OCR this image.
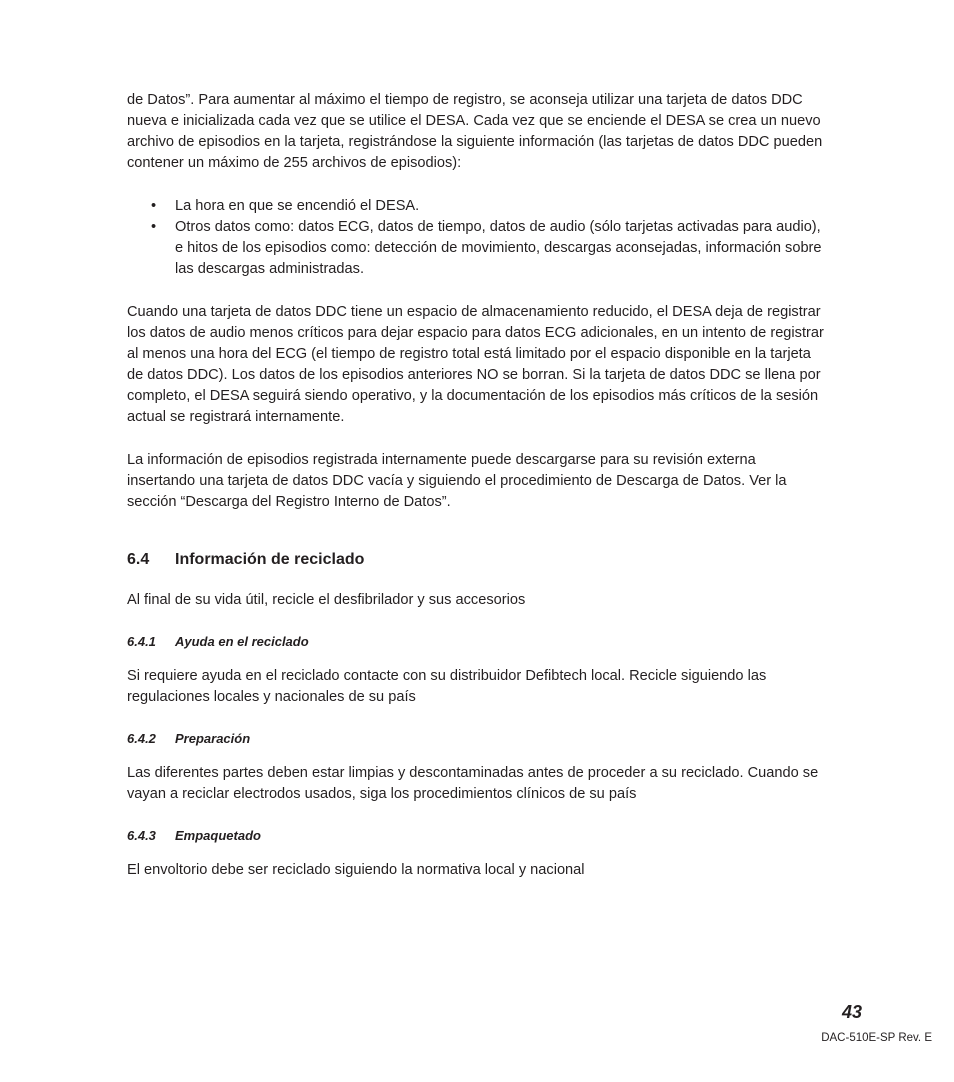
de Datos”. Para aumentar al máximo el tiempo de registro, se aconseja utilizar una tarjeta de datos DDC nueva e inicializada cada vez que se utilice el DESA. Cada vez que se enciende el DESA se crea un nuevo archivo de episodios en la tarjeta, registrándose la siguiente información (las tarjetas de datos DDC pueden contener un máximo de 255 archivos de episodios):

• La hora en que se encendió el DESA.
• Otros datos como: datos ECG, datos de tiempo, datos de audio (sólo tarjetas activadas para audio), e hitos de los episodios como: detección de movimiento, descargas aconsejadas, información sobre las descargas administradas.

Cuando una tarjeta de datos DDC tiene un espacio de almacenamiento reducido, el DESA deja de registrar los datos de audio menos críticos para dejar espacio para datos ECG adicionales, en un intento de registrar al menos una hora del ECG (el tiempo de registro total está limitado por el espacio disponible en la tarjeta de datos DDC). Los datos de los episodios anteriores NO se borran. Si la tarjeta de datos DDC se llena por completo, el DESA seguirá siendo operativo, y la documentación de los episodios más críticos de la sesión actual se registrará internamente.

La información de episodios registrada internamente puede descargarse para su revisión externa insertando una tarjeta de datos DDC vacía y siguiendo el procedimiento de Descarga de Datos. Ver la sección “Descarga del Registro Interno de Datos”.

6.4	Información de reciclado

Al final de su vida útil, recicle el desfibrilador y sus accesorios

6.4.1	Ayuda en el reciclado

Si requiere ayuda en el reciclado contacte con su distribuidor Defibtech local. Recicle siguiendo las regulaciones locales y nacionales de su país

6.4.2	Preparación

Las diferentes partes deben estar limpias y descontaminadas antes de proceder a su reciclado. Cuando se vayan a reciclar electrodos usados, siga los procedimientos clínicos de su país

6.4.3	Empaquetado

El envoltorio debe ser reciclado siguiendo la normativa local y nacional

43
DAC-510E-SP Rev. E
